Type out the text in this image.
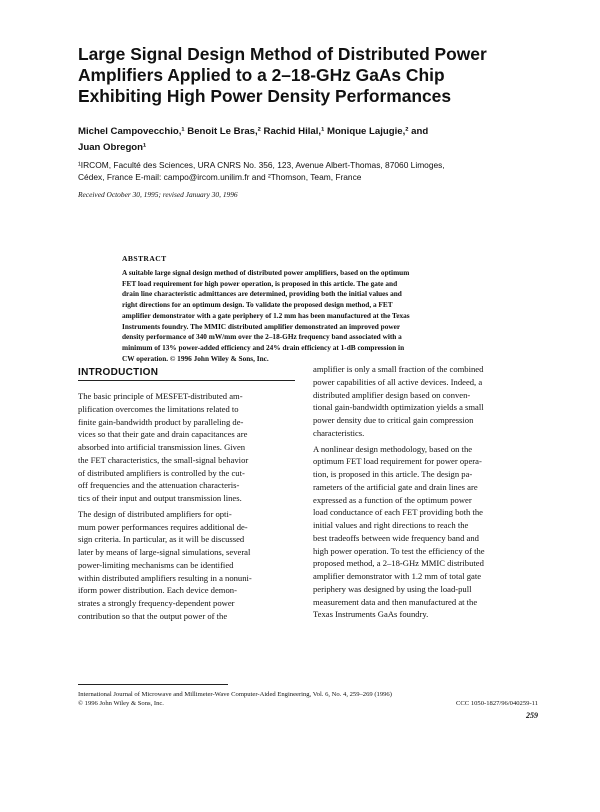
Large Signal Design Method of Distributed Power
Amplifiers Applied to a 2–18-GHz GaAs Chip
Exhibiting High Power Density Performances
Michel Campovecchio,¹ Benoit Le Bras,² Rachid Hilal,¹ Monique Lajugie,² and
Juan Obregon¹
¹IRCOM, Faculté des Sciences, URA CNRS No. 356, 123, Avenue Albert-Thomas, 87060 Limoges,
Cédex, France E-mail: campo@ircom.unilim.fr and ²Thomson, Team, France
Received October 30, 1995; revised January 30, 1996
ABSTRACT
A suitable large signal design method of distributed power amplifiers, based on the optimum
FET load requirement for high power operation, is proposed in this article. The gate and
drain line characteristic admittances are determined, providing both the initial values and
right directions for an optimum design. To validate the proposed design method, a FET
amplifier demonstrator with a gate periphery of 1.2 mm has been manufactured at the Texas
Instruments foundry. The MMIC distributed amplifier demonstrated an improved power
density performance of 340 mW/mm over the 2–18-GHz frequency band associated with a
minimum of 13% power-added efficiency and 24% drain efficiency at 1-dB compression in
CW operation. © 1996 John Wiley & Sons, Inc.
INTRODUCTION
The basic principle of MESFET-distributed am-
plification overcomes the limitations related to
finite gain-bandwidth product by paralleling de-
vices so that their gate and drain capacitances are
absorbed into artificial transmission lines. Given
the FET characteristics, the small-signal behavior
of distributed amplifiers is controlled by the cut-
off frequencies and the attenuation characteris-
tics of their input and output transmission lines.
The design of distributed amplifiers for opti-
mum power performances requires additional de-
sign criteria. In particular, as it will be discussed
later by means of large-signal simulations, several
power-limiting mechanisms can be identified
within distributed amplifiers resulting in a nonuni-
iform power distribution. Each device demon-
strates a strongly frequency-dependent power
contribution so that the output power of the
amplifier is only a small fraction of the combined
power capabilities of all active devices. Indeed, a
distributed amplifier design based on conven-
tional gain-bandwidth optimization yields a small
power density due to critical gain compression
characteristics.
A nonlinear design methodology, based on the
optimum FET load requirement for power opera-
tion, is proposed in this article. The design pa-
rameters of the artificial gate and drain lines are
expressed as a function of the optimum power
load conductance of each FET providing both the
initial values and right directions to reach the
best tradeoffs between wide frequency band and
high power operation. To test the efficiency of the
proposed method, a 2–18-GHz MMIC distributed
amplifier demonstrator with 1.2 mm of total gate
periphery was designed by using the load-pull
measurement data and then manufactured at the
Texas Instruments GaAs foundry.
International Journal of Microwave and Millimeter-Wave Computer-Aided Engineering, Vol. 6, No. 4, 259–269 (1996)
© 1996 John Wiley & Sons, Inc.	CCC 1050-1827/96/040259-11
259
